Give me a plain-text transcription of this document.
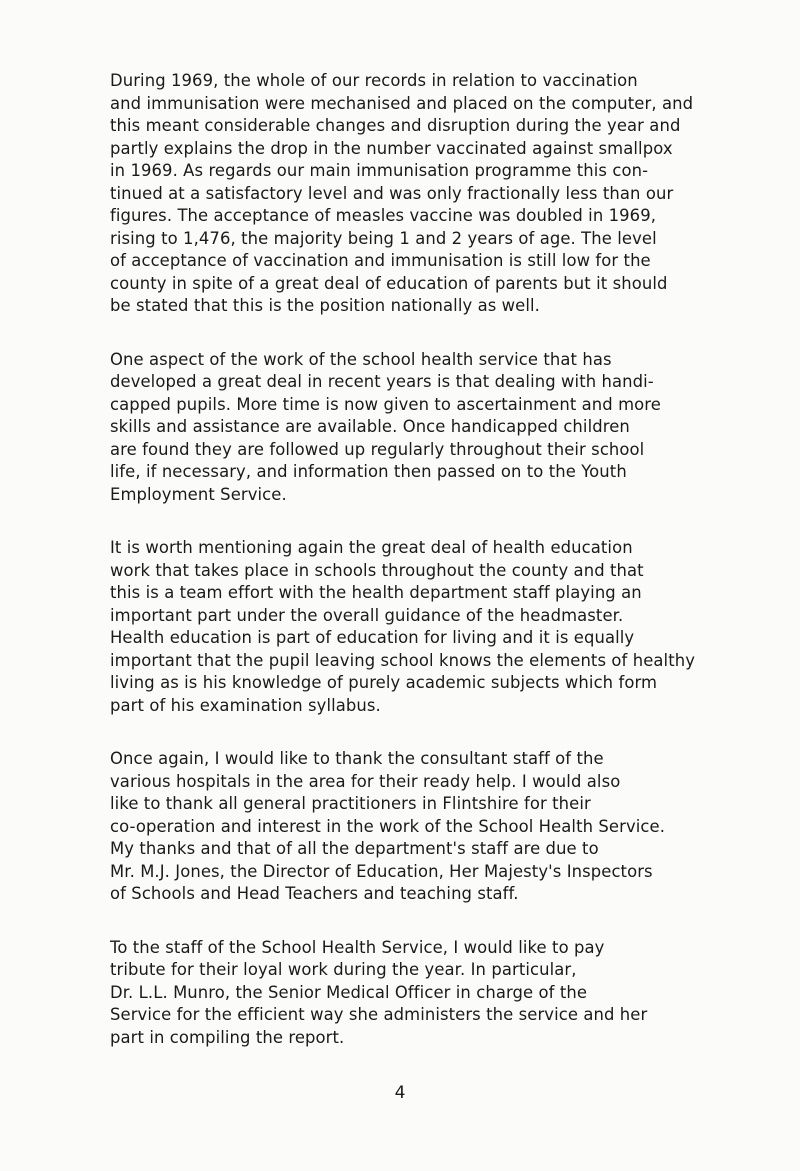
During 1969, the whole of our records in relation to vaccination
and immunisation were mechanised and placed on the computer, and
this meant considerable changes and disruption during the year and
partly explains the drop in the number vaccinated against smallpox
in 1969. As regards our main immunisation programme this con-
tinued at a satisfactory level and was only fractionally less than our
figures. The acceptance of measles vaccine was doubled in 1969,
rising to 1,476, the majority being 1 and 2 years of age. The level
of acceptance of vaccination and immunisation is still low for the
county in spite of a great deal of education of parents but it should
be stated that this is the position nationally as well.

One aspect of the work of the school health service that has
developed a great deal in recent years is that dealing with handi-
capped pupils. More time is now given to ascertainment and more
skills and assistance are available. Once handicapped children
are found they are followed up regularly throughout their school
life, if necessary, and information then passed on to the Youth
Employment Service.

It is worth mentioning again the great deal of health education
work that takes place in schools throughout the county and that
this is a team effort with the health department staff playing an
important part under the overall guidance of the headmaster.
Health education is part of education for living and it is equally
important that the pupil leaving school knows the elements of healthy
living as is his knowledge of purely academic subjects which form
part of his examination syllabus.

Once again, I would like to thank the consultant staff of the
various hospitals in the area for their ready help. I would also
like to thank all general practitioners in Flintshire for their
co-operation and interest in the work of the School Health Service.
My thanks and that of all the department's staff are due to
Mr. M.J. Jones, the Director of Education, Her Majesty's Inspectors
of Schools and Head Teachers and teaching staff.

To the staff of the School Health Service, I would like to pay
tribute for their loyal work during the year. In particular,
Dr. L.L. Munro, the Senior Medical Officer in charge of the
Service for the efficient way she administers the service and her
part in compiling the report.

4
